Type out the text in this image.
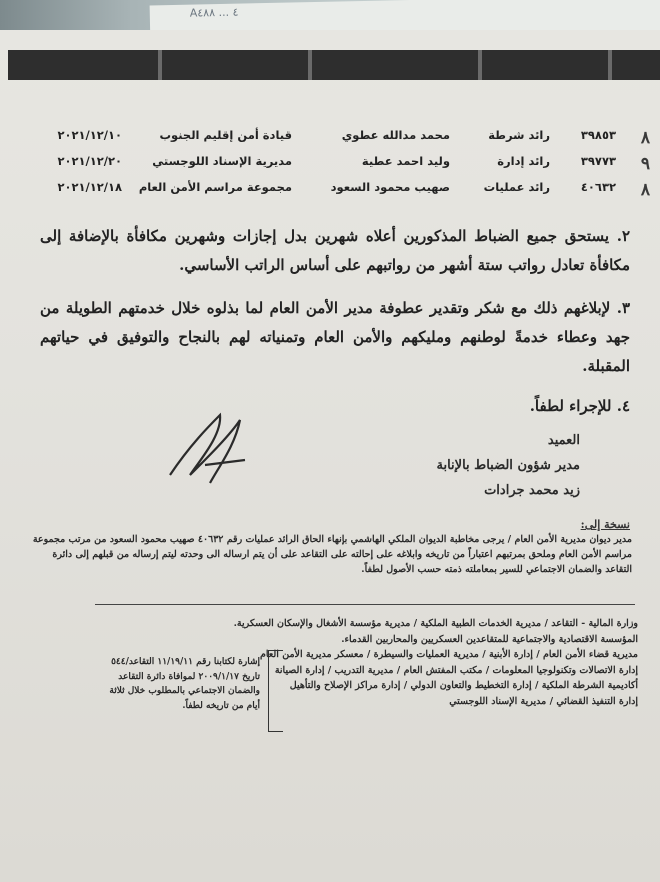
A٤ ... ٤٨٨
٨
٣٩٨٥٣
رائد شرطة
محمد مدالله عطوي
قيادة أمن إقليم الجنوب
٢٠٢١/١٢/١٠
٩
٣٩٧٧٣
رائد إدارة
وليد احمد عطية
مديرية الإسناد اللوجستي
٢٠٢١/١٢/٢٠
٨
٤٠٦٣٢
رائد عمليات
صهيب محمود السعود
مجموعة مراسم الأمن العام
٢٠٢١/١٢/١٨
٢. يستحق جميع الضباط المذكورين أعلاه شهرين بدل إجازات وشهرين مكافأة بالإضافة إلى مكافأة تعادل رواتب ستة أشهر من رواتبهم على أساس الراتب الأساسي.
٣. لإبلاغهم ذلك مع شكر وتقدير عطوفة مدير الأمن العام لما بذلوه خلال خدمتهم الطويلة من جهد وعطاء خدمةً لوطنهم ومليكهم والأمن العام وتمنياته لهم بالنجاح والتوفيق في حياتهم المقبلة.
٤. للإجراء لطفاً.
العميد
مدير شؤون الضباط بالإنابة
زيد محمد جرادات
نسخة إلى:
مدير ديوان مديرية الأمن العام / يرجى مخاطبة الديوان الملكي الهاشمي بإنهاء الحاق الرائد عمليات رقم ٤٠٦٣٢ صهيب محمود السعود من مرتب مجموعة مراسم الأمن العام وملحق بمرتبهم اعتباراً من تاريخه وابلاغه على إحالته على التقاعد على أن يتم ارساله الى وحدته ليتم إرساله من قبلهم إلى دائرة التقاعد والضمان الاجتماعي للسير بمعاملته ذمته حسب الأصول لطفاً.
وزارة المالية - التقاعد / مديرية الخدمات الطبية الملكية / مديرية مؤسسة الأشغال والإسكان العسكرية.
المؤسسة الاقتصادية والاجتماعية للمتقاعدين العسكريين والمحاربين القدماء.
مديرية قضاء الأمن العام / إدارة الأبنية / مديرية العمليات والسيطرة / معسكر مديرية الأمن العام
إدارة الاتصالات وتكنولوجيا المعلومات / مكتب المفتش العام / مديرية التدريب / إدارة الصيانة
أكاديمية الشرطة الملكية / إدارة التخطيط والتعاون الدولي / إدارة مراكز الإصلاح والتأهيل
إدارة التنفيذ القضائي / مديرية الإسناد اللوجستي
إشارة لكتابنا رقم ١١/١٩/١١ التقاعد/٥٤٤ تاريخ ٢٠٠٩/١/١٧ لموافاة دائرة التقاعد والضمان الاجتماعي بالمطلوب خلال ثلاثة أيام من تاريخه لطفاً.
